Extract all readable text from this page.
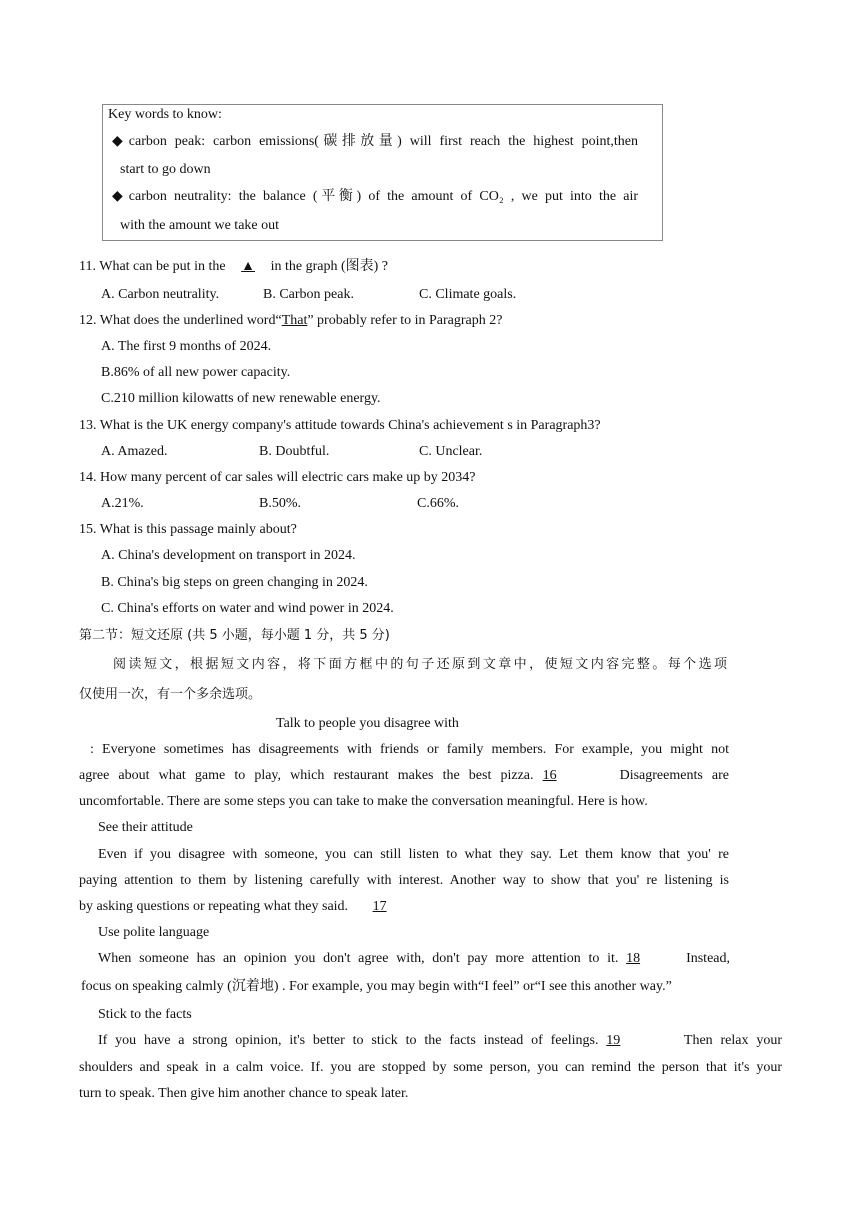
Key words to know:
◆ carbon peak: carbon emissions(碳排放量) will first reach the highest point,then
start to go down
◆ carbon neutrality: the balance (平衡) of the amount of CO₂ , we put into the air
with the amount we take out
11. What can be put in the ▲ in the graph (图表) ?
A. Carbon neutrality.	B. Carbon peak.	C. Climate goals.
12. What does the underlined word“That” probably refer to in Paragraph 2?
A. The first 9 months of 2024.
B.86% of all new power capacity.
C.210 million kilowatts of new renewable energy.
13. What is the UK energy company's attitude towards China's achievement s in Paragraph3?
A. Amazed.	B. Doubtful.	C. Unclear.
14. How many percent of car sales will electric cars make up by 2034?
A.21%.	B.50%.	C.66%.
15. What is this passage mainly about?
A. China's development on transport in 2024.
B. China's big steps on green changing in 2024.
C. China's efforts on water and wind power in 2024.
第二节：短文还原 (共 5 小题，每小题 1 分，共 5 分)
阅读短文，根据短文内容，将下面方框中的句子还原到文章中，使短文内容完整。每个选项
仅使用一次，有一个多余选项。
Talk to people you disagree with
: Everyone sometimes has disagreements with friends or family members. For example, you might not
agree about what game to play, which restaurant makes the best pizza. 16	Disagreements are
uncomfortable. There are some steps you can take to make the conversation meaningful. Here is how.
See their attitude
Even if you disagree with someone, you can still listen to what they say. Let them know that you' re
paying attention to them by listening carefully with interest. Another way to show that you' re listening is
by asking questions or repeating what they said. 17
Use polite language
When someone has an opinion you don't agree with, don't pay more attention to it. 18	Instead,
focus on speaking calmly (沉着地) . For example, you may begin with“I feel” or“I see this another way.”
Stick to the facts
If you have a strong opinion, it's better to stick to the facts instead of feelings. 19	Then relax your
shoulders and speak in a calm voice. If. you are stopped by some person, you can remind the person that it's your
turn to speak. Then give him another chance to speak later.
